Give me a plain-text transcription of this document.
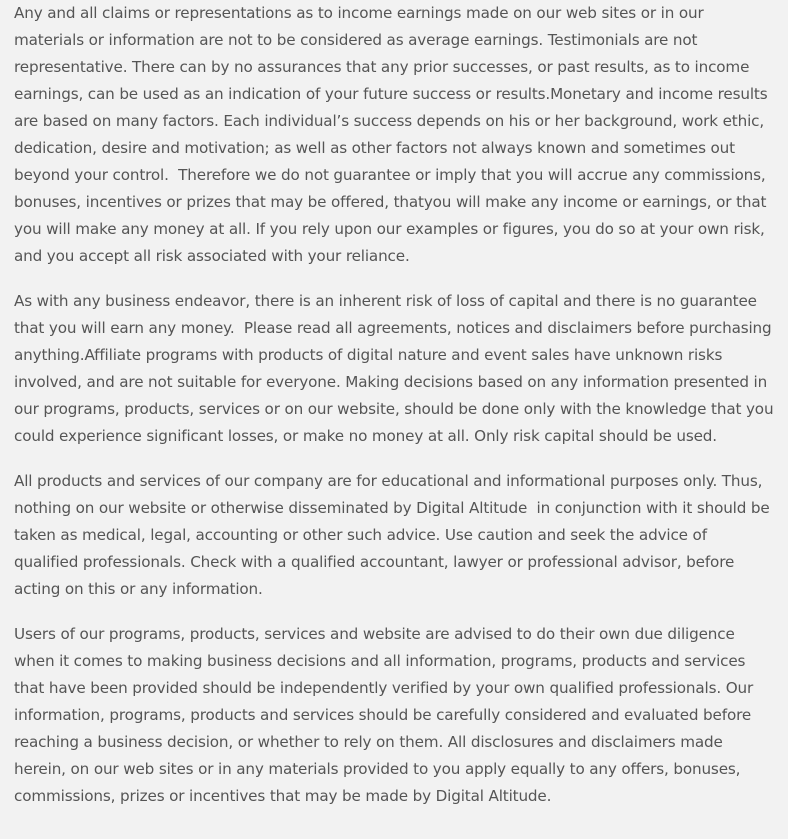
Any and all claims or representations as to income earnings made on our web sites or in our materials or information are not to be considered as average earnings. Testimonials are not representative. There can by no assurances that any prior successes, or past results, as to income earnings, can be used as an indication of your future success or results.Monetary and income results are based on many factors. Each individual’s success depends on his or her background, work ethic, dedication, desire and motivation; as well as other factors not always known and sometimes out beyond your control.  Therefore we do not guarantee or imply that you will accrue any commissions, bonuses, incentives or prizes that may be offered, thatyou will make any income or earnings, or that you will make any money at all. If you rely upon our examples or figures, you do so at your own risk, and you accept all risk associated with your reliance.

As with any business endeavor, there is an inherent risk of loss of capital and there is no guarantee that you will earn any money.  Please read all agreements, notices and disclaimers before purchasing anything.Affiliate programs with products of digital nature and event sales have unknown risks involved, and are not suitable for everyone. Making decisions based on any information presented in our programs, products, services or on our website, should be done only with the knowledge that you could experience significant losses, or make no money at all. Only risk capital should be used.

All products and services of our company are for educational and informational purposes only. Thus, nothing on our website or otherwise disseminated by Digital Altitude  in conjunction with it should be taken as medical, legal, accounting or other such advice. Use caution and seek the advice of qualified professionals. Check with a qualified accountant, lawyer or professional advisor, before acting on this or any information.

Users of our programs, products, services and website are advised to do their own due diligence when it comes to making business decisions and all information, programs, products and services that have been provided should be independently verified by your own qualified professionals. Our information, programs, products and services should be carefully considered and evaluated before reaching a business decision, or whether to rely on them. All disclosures and disclaimers made herein, on our web sites or in any materials provided to you apply equally to any offers, bonuses, commissions, prizes or incentives that may be made by Digital Altitude.
